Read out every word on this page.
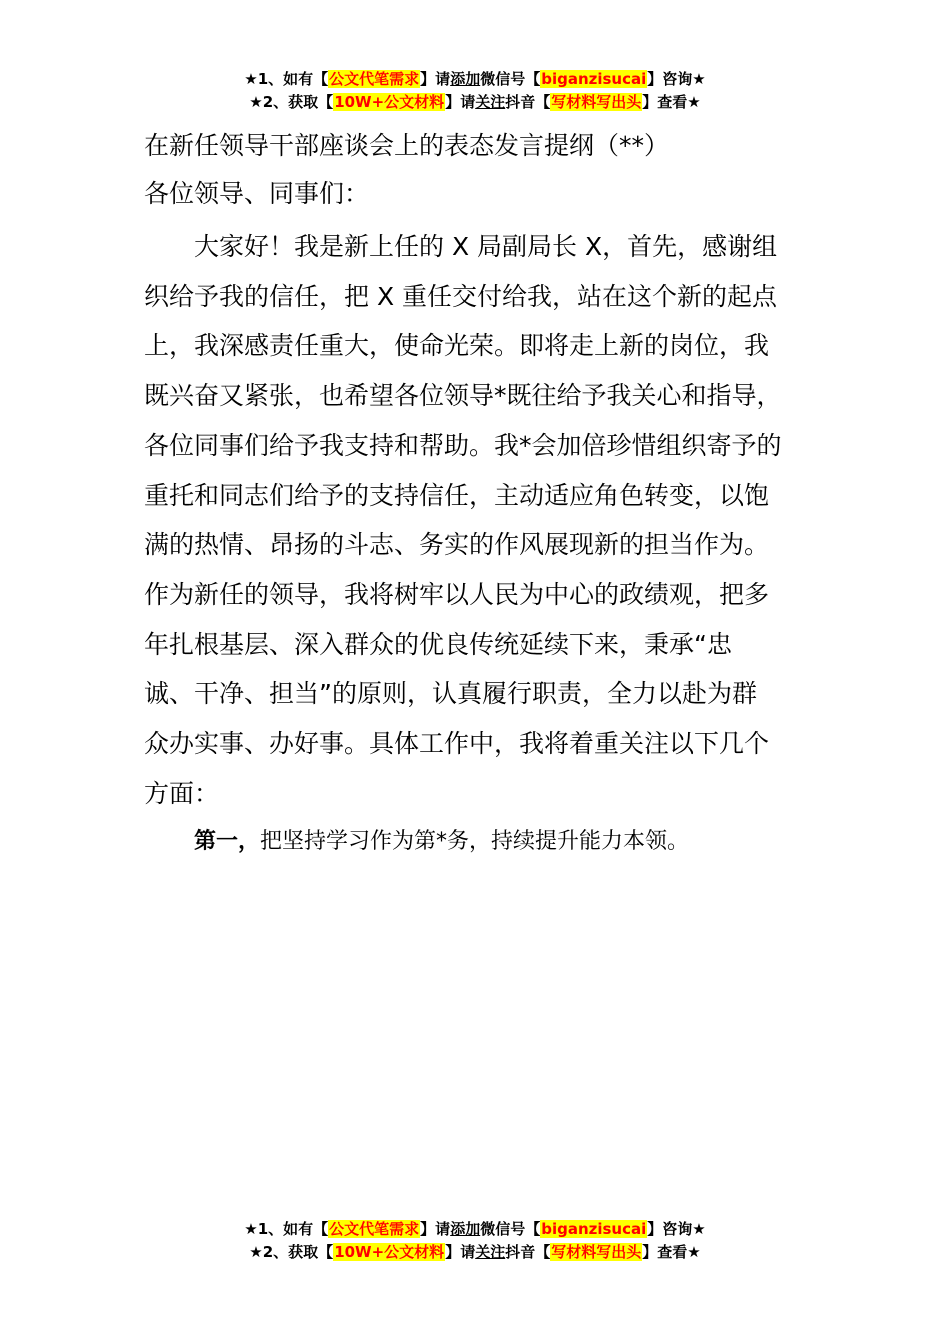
★1、如有【公文代笔需求】请添加微信号【biganzisucai】咨询★
★2、获取【10W+公文材料】请关注抖音【写材料写出头】查看★
在新任领导干部座谈会上的表态发言提纲（**）
各位领导、同事们：
大家好！我是新上任的 X 局副局长 X，首先，感谢组
织给予我的信任，把 X 重任交付给我，站在这个新的起点
上，我深感责任重大，使命光荣。即将走上新的岗位，我
既兴奋又紧张，也希望各位领导*既往给予我关心和指导，
各位同事们给予我支持和帮助。我*会加倍珍惜组织寄予的
重托和同志们给予的支持信任，主动适应角色转变，以饱
满的热情、昂扬的斗志、务实的作风展现新的担当作为。
作为新任的领导，我将树牢以人民为中心的政绩观，把多
年扎根基层、深入群众的优良传统延续下来，秉承“忠
诚、干净、担当”的原则，认真履行职责，全力以赴为群
众办实事、办好事。具体工作中，我将着重关注以下几个
方面：
第一，把坚持学习作为第*务，持续提升能力本领。
★1、如有【公文代笔需求】请添加微信号【biganzisucai】咨询★
★2、获取【10W+公文材料】请关注抖音【写材料写出头】查看★
